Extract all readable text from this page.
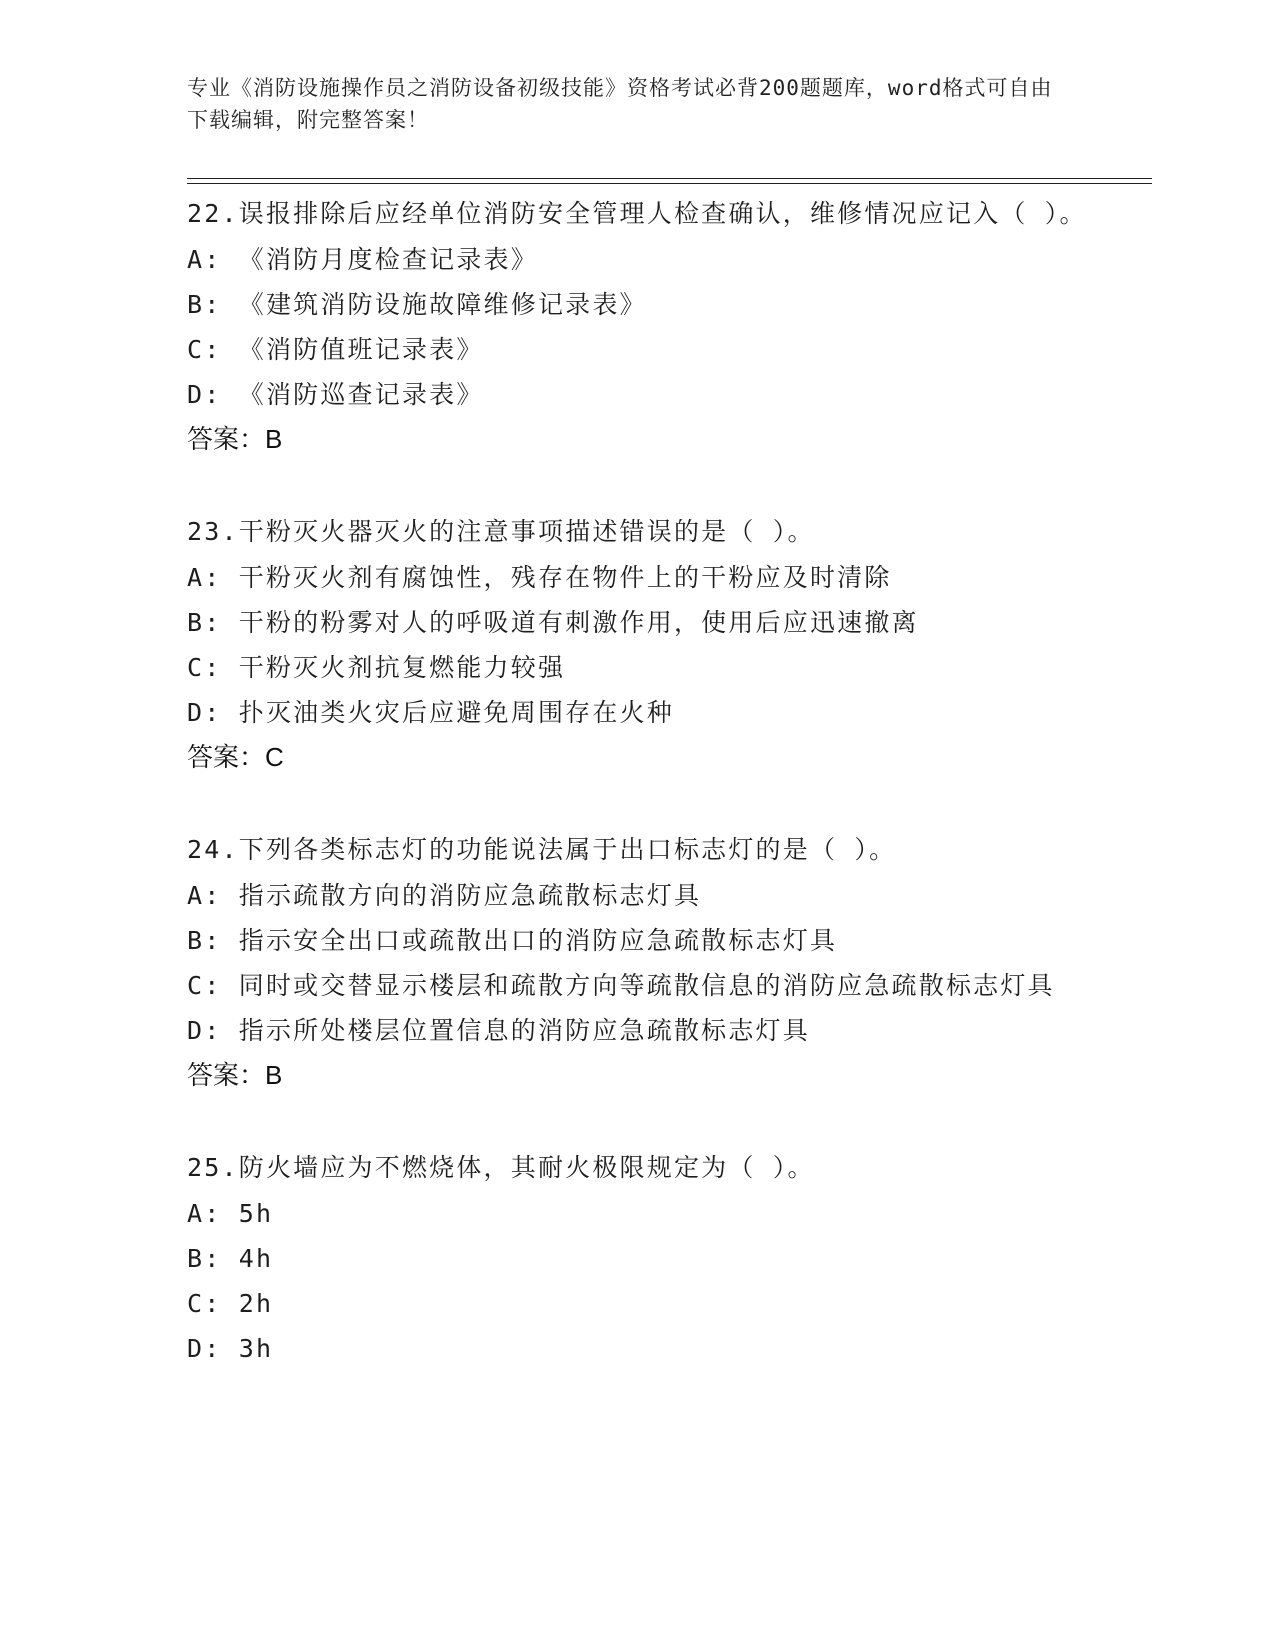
专业《消防设施操作员之消防设备初级技能》资格考试必背200题题库，word格式可自由下载编辑，附完整答案！

22.误报排除后应经单位消防安全管理人检查确认，维修情况应记入（ ）。

A: 《消防月度检查记录表》

B: 《建筑消防设施故障维修记录表》

C: 《消防值班记录表》

D: 《消防巡查记录表》

答案：B

23.干粉灭火器灭火的注意事项描述错误的是（ ）。

A: 干粉灭火剂有腐蚀性，残存在物件上的干粉应及时清除

B: 干粉的粉雾对人的呼吸道有刺激作用，使用后应迅速撤离

C: 干粉灭火剂抗复燃能力较强

D: 扑灭油类火灾后应避免周围存在火种

答案：C

24.下列各类标志灯的功能说法属于出口标志灯的是（ ）。

A: 指示疏散方向的消防应急疏散标志灯具

B: 指示安全出口或疏散出口的消防应急疏散标志灯具

C: 同时或交替显示楼层和疏散方向等疏散信息的消防应急疏散标志灯具

D: 指示所处楼层位置信息的消防应急疏散标志灯具

答案：B

25.防火墙应为不燃烧体，其耐火极限规定为（ ）。

A: 5h

B: 4h

C: 2h

D: 3h
